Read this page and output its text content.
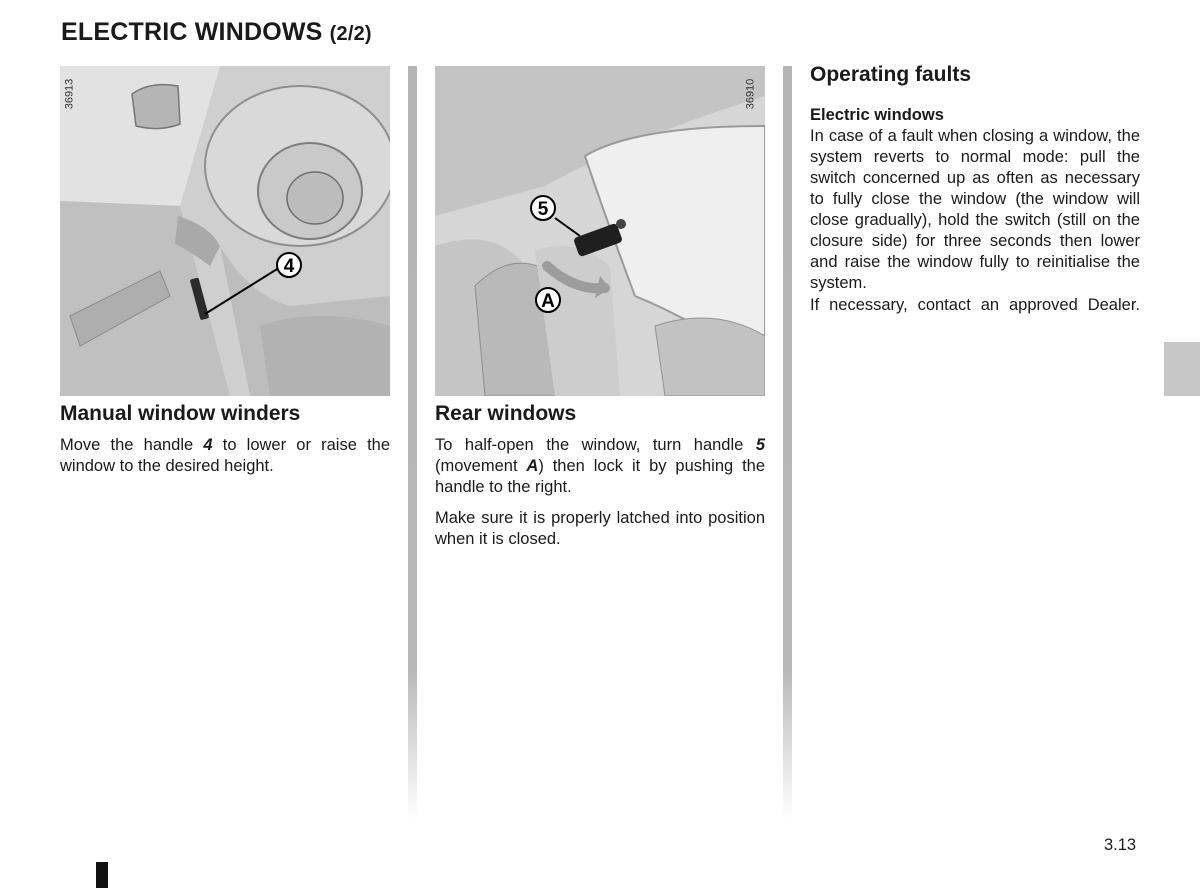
ELECTRIC WINDOWS (2/2)
4
36913
5
A
36910
Manual window winders

Move the handle 4 to lower or raise the window to the desired height.

Rear windows

To half-open the window, turn handle 5 (movement A) then lock it by pushing the handle to the right.

Make sure it is properly latched into position when it is closed.

Operating faults

Electric windows

In case of a fault when closing a window, the system reverts to normal mode: pull the switch concerned up as often as necessary to fully close the window (the window will close gradually), hold the switch (still on the closure side) for three seconds then lower and raise the window fully to reinitialise the system.

If necessary, contact an approved Dealer.

3.13
